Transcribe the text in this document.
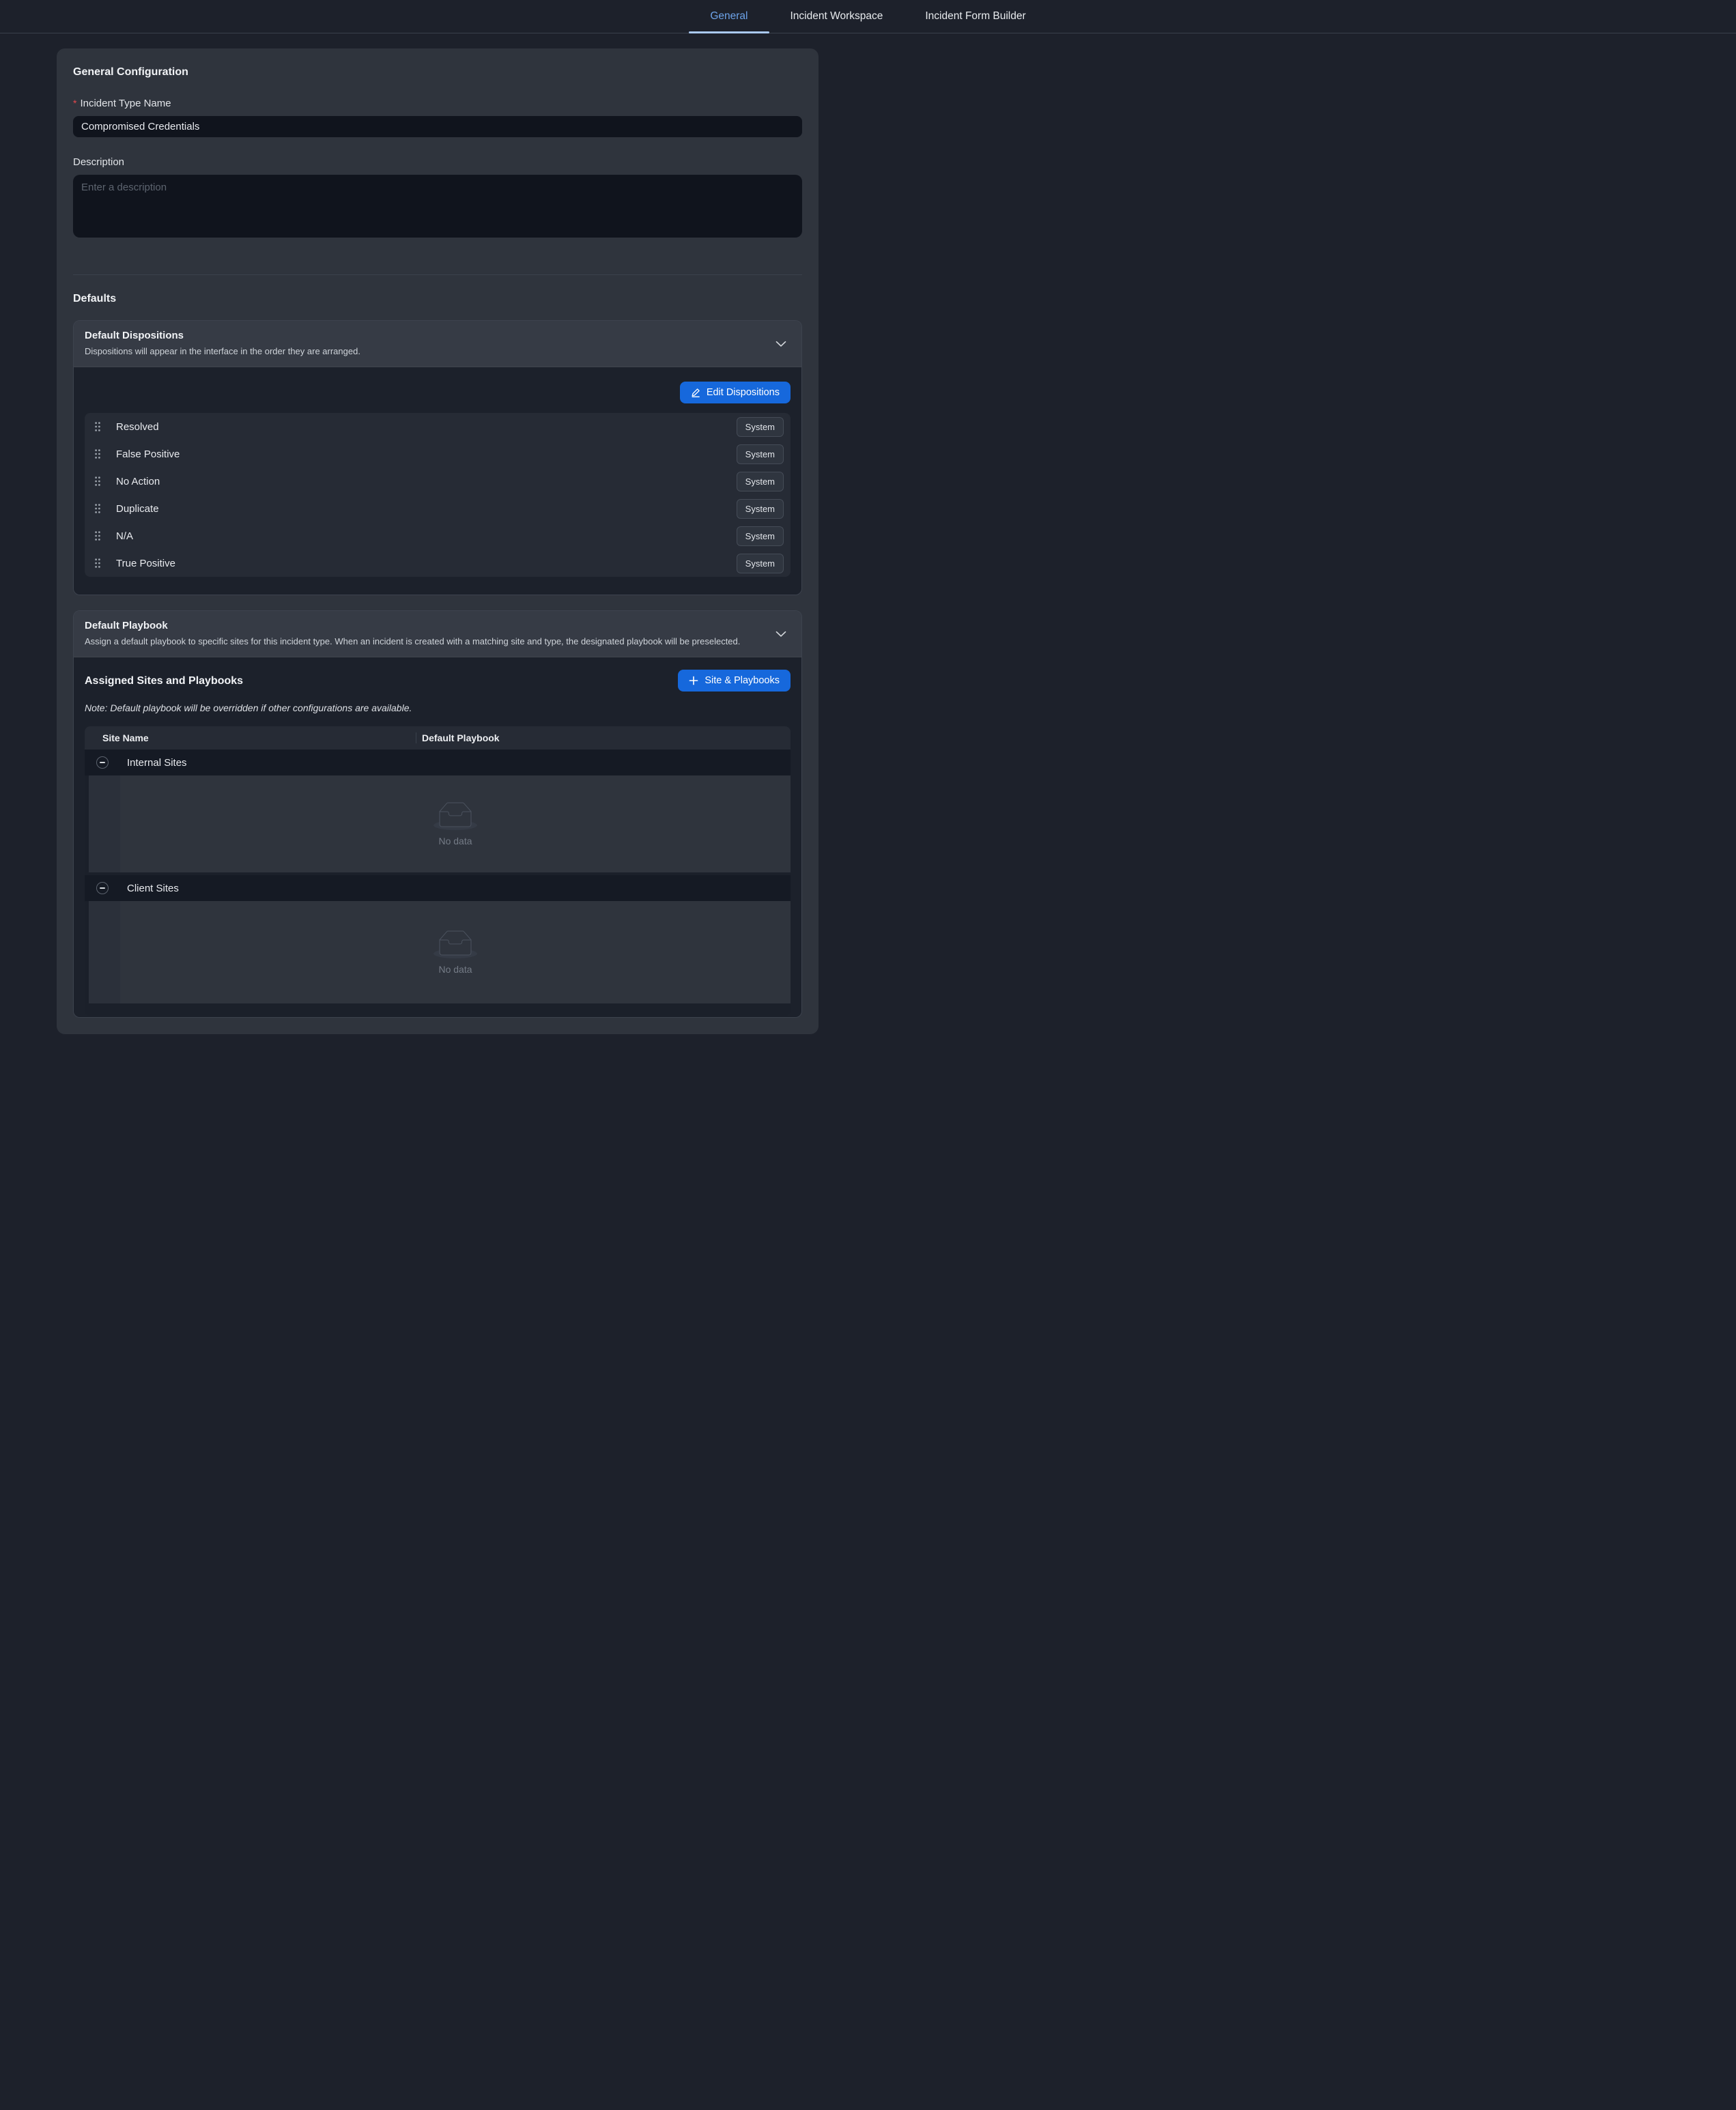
General	Incident Workspace	Incident Form Builder
General Configuration
* Incident Type Name
Compromised Credentials
Description
Enter a description
Defaults
Default Dispositions
Dispositions will appear in the interface in the order they are arranged.
Edit Dispositions
Resolved	System
False Positive	System
No Action	System
Duplicate	System
N/A	System
True Positive	System
Default Playbook
Assign a default playbook to specific sites for this incident type. When an incident is created with a matching site and type, the designated playbook will be preselected.
Assigned Sites and Playbooks	Site & Playbooks
Note: Default playbook will be overridden if other configurations are available.
Site Name	Default Playbook
Internal Sites
No data
Client Sites
No data
